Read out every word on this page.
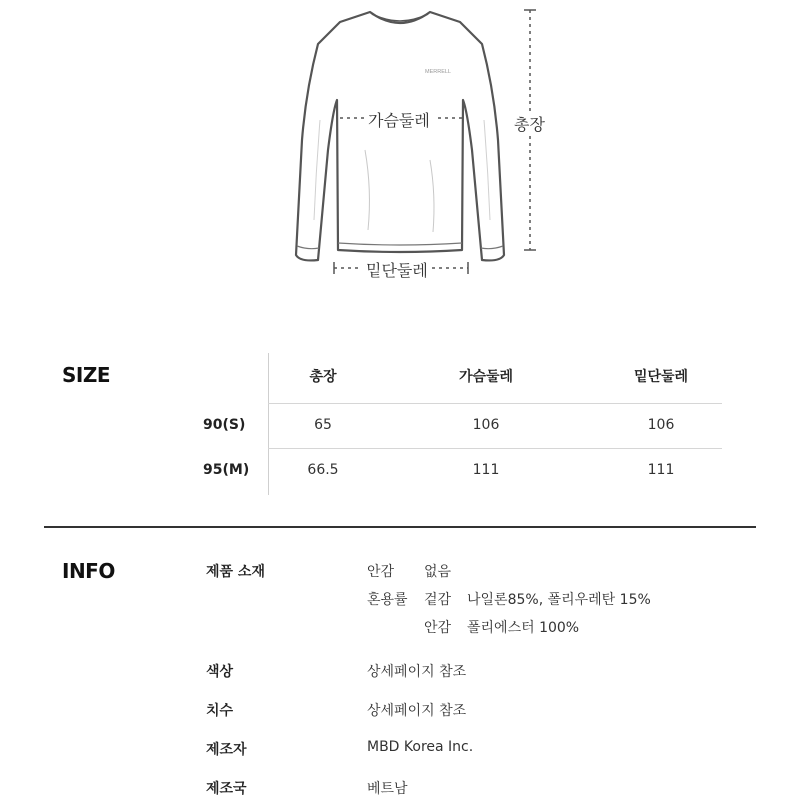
MERRELL
가슴둘레	총장
밑단둘레
SIZE	총장	가슴둘레	밑단둘레
90(S)	65	106	106
95(M)	66.5	111	111
INFO	제품 소재	안감 없음
혼용률 겉감 나일론85%, 폴리우레탄 15%
안감 폴리에스터 100%
색상	상세페이지 참조
치수	상세페이지 참조
제조자	MBD Korea Inc.
제조국	베트남
